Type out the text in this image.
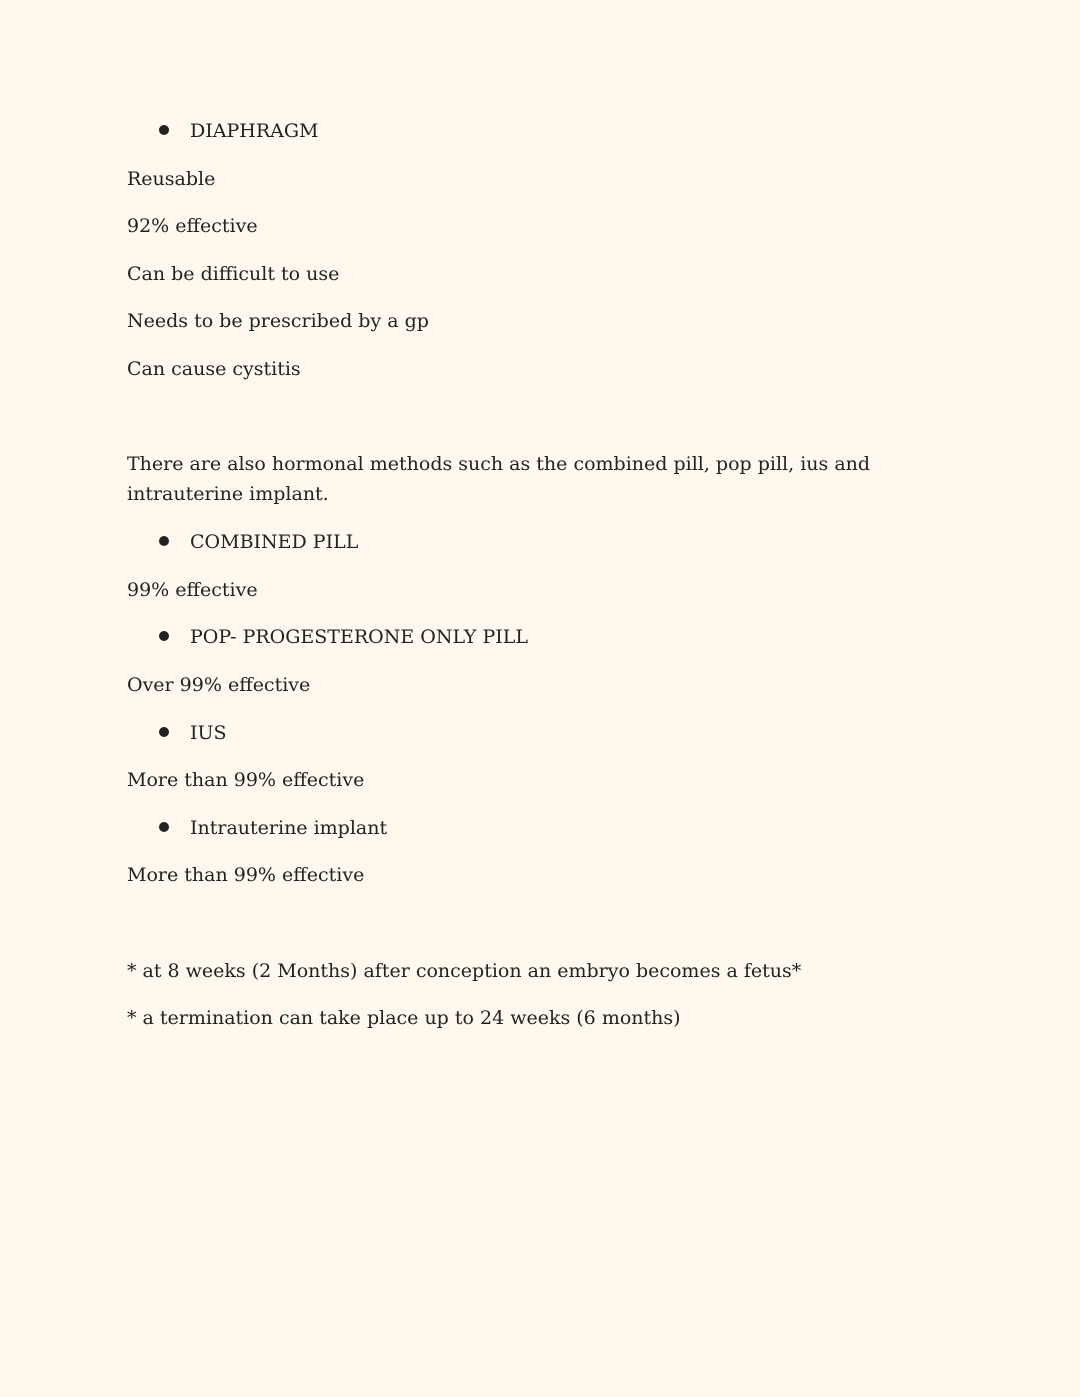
DIAPHRAGM
Reusable
92% effective
Can be difficult to use
Needs to be prescribed by a gp
Can cause cystitis
There are also hormonal methods such as the combined pill, pop pill, ius and intrauterine implant.
COMBINED PILL
99% effective
POP- PROGESTERONE ONLY PILL
Over 99% effective
IUS
More than 99% effective
Intrauterine implant
More than 99% effective
* at 8 weeks (2 Months) after conception an embryo becomes a fetus*
* a termination can take place up to 24 weeks (6 months)
